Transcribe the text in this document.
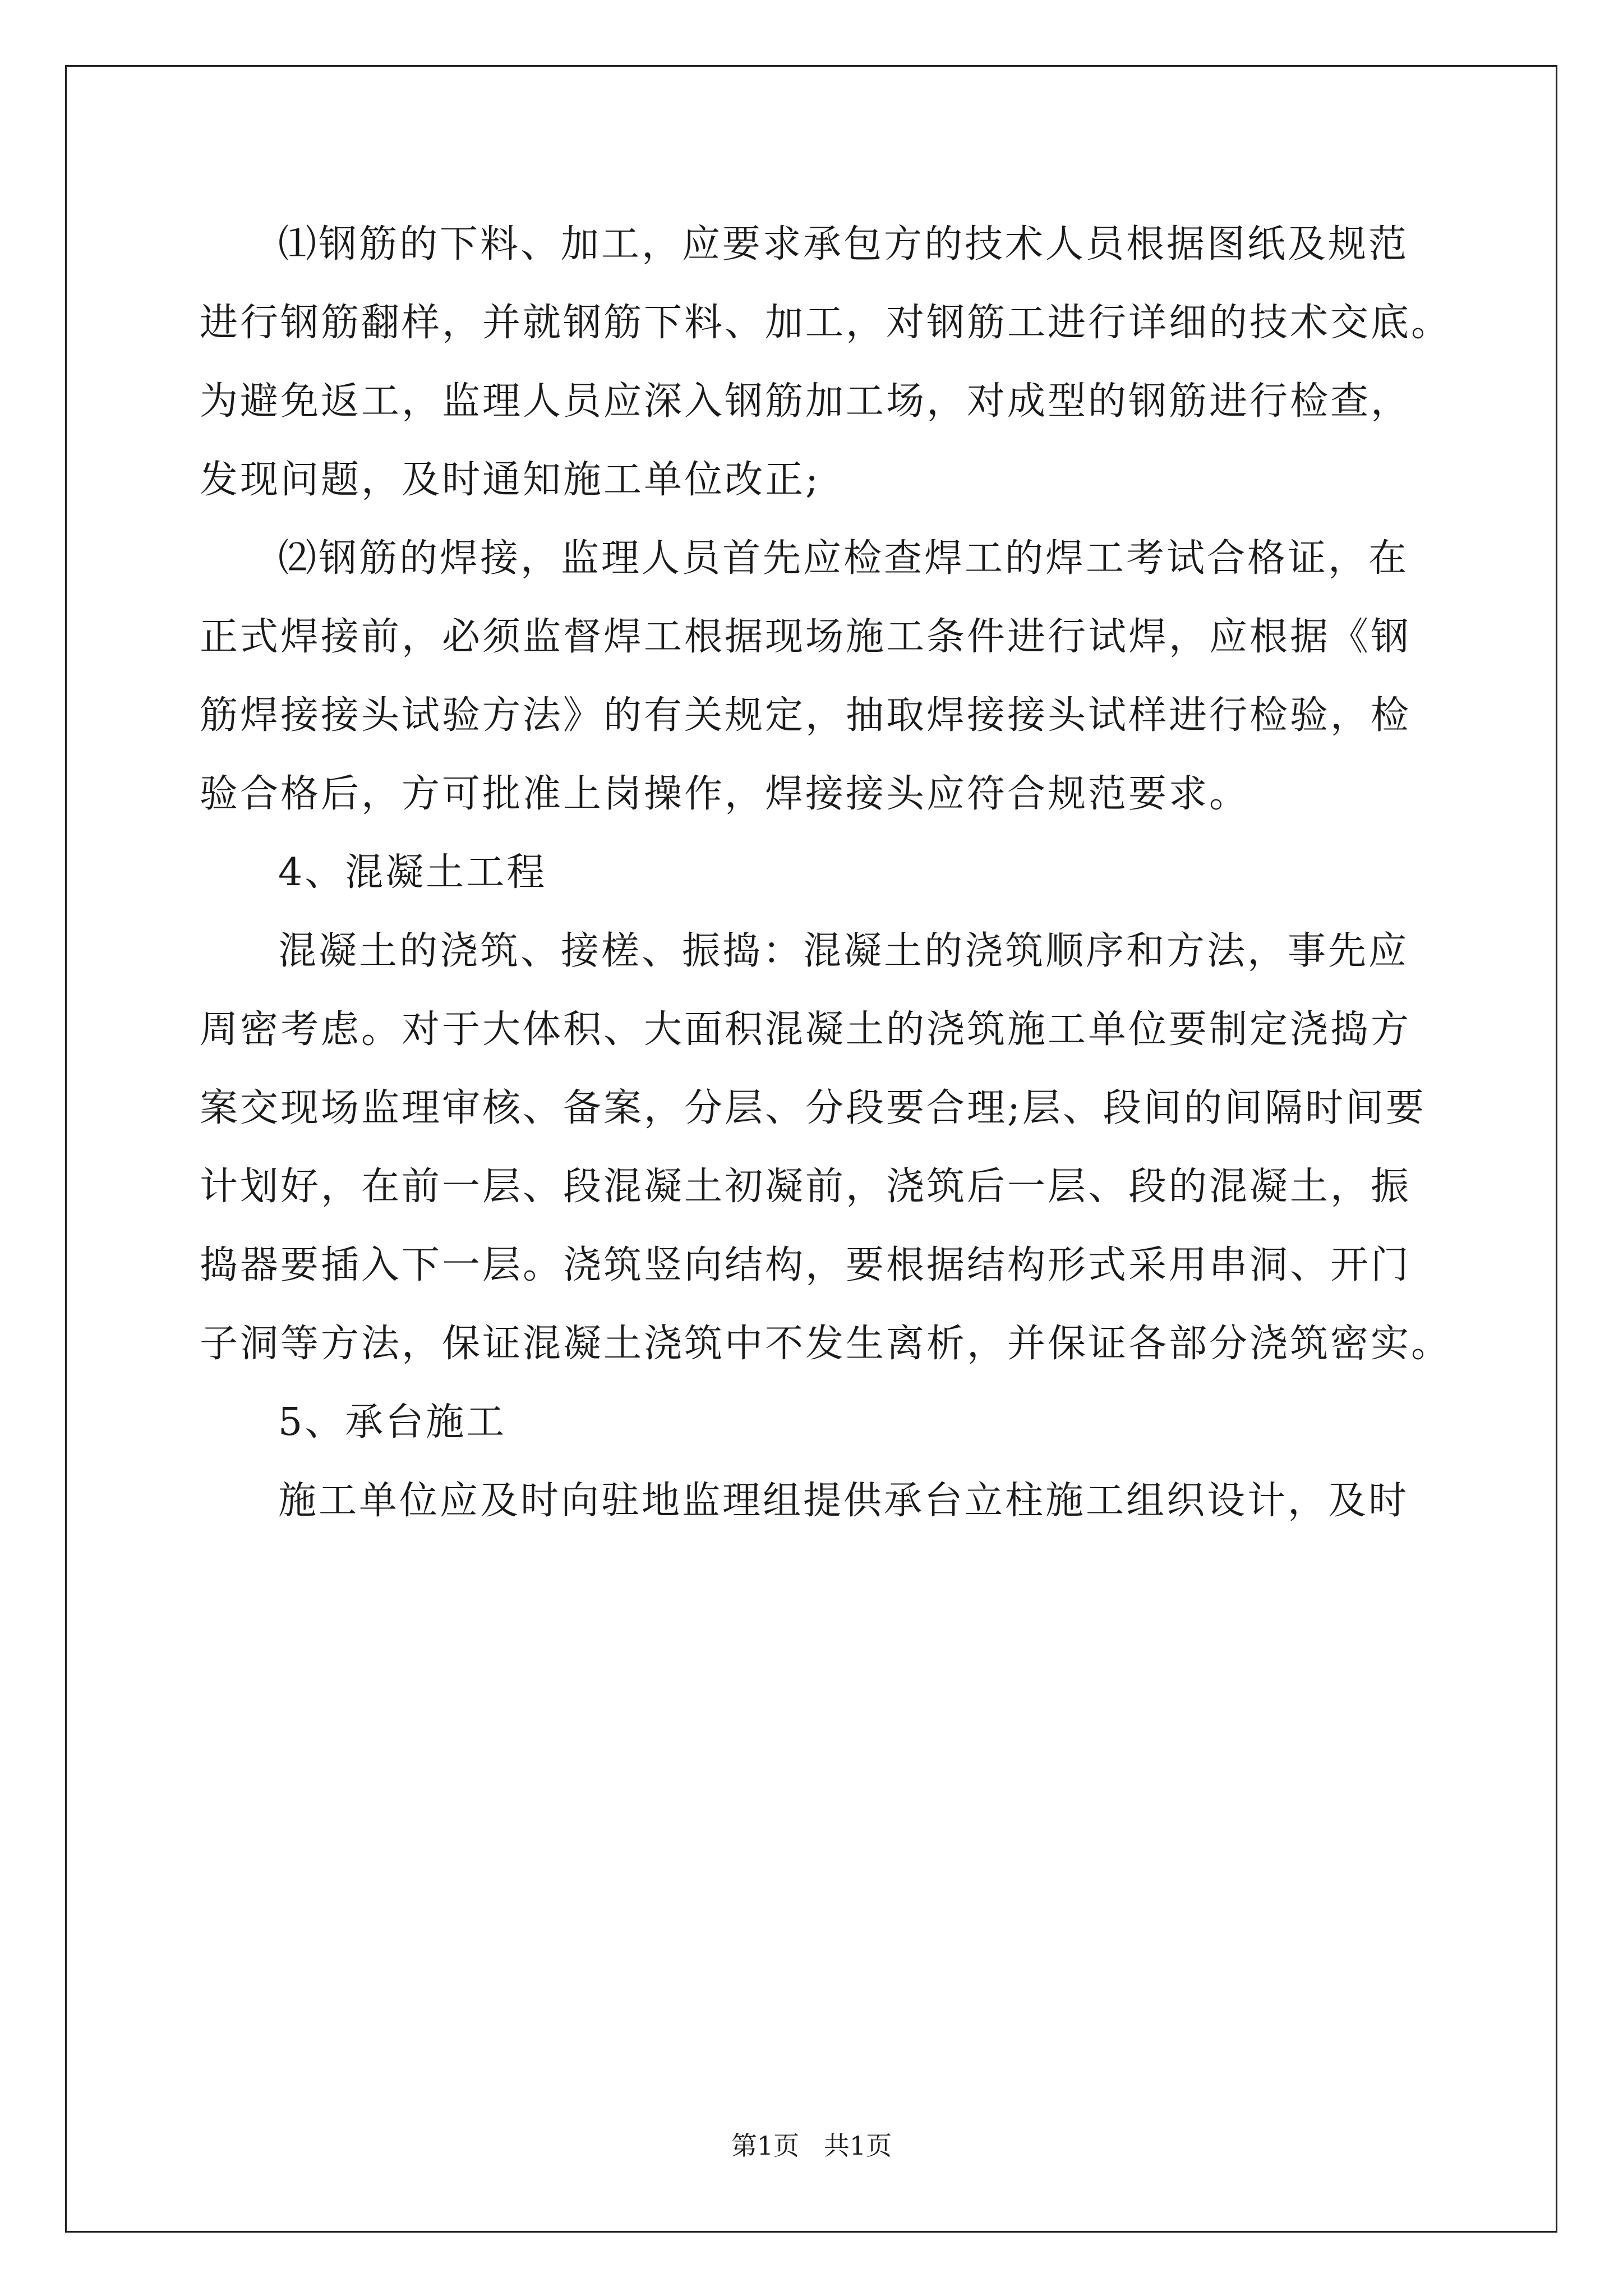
⑴钢筋的下料、加工，应要求承包方的技术人员根据图纸及规范
进行钢筋翻样，并就钢筋下料、加工，对钢筋工进行详细的技术交底。
为避免返工，监理人员应深入钢筋加工场，对成型的钢筋进行检查，
发现问题，及时通知施工单位改正;
⑵钢筋的焊接，监理人员首先应检查焊工的焊工考试合格证，在
正式焊接前，必须监督焊工根据现场施工条件进行试焊，应根据《钢
筋焊接接头试验方法》的有关规定，抽取焊接接头试样进行检验，检
验合格后，方可批准上岗操作，焊接接头应符合规范要求。
4、混凝土工程
混凝土的浇筑、接槎、振捣：混凝土的浇筑顺序和方法，事先应
周密考虑。对于大体积、大面积混凝土的浇筑施工单位要制定浇捣方
案交现场监理审核、备案，分层、分段要合理;层、段间的间隔时间要
计划好，在前一层、段混凝土初凝前，浇筑后一层、段的混凝土，振
捣器要插入下一层。浇筑竖向结构，要根据结构形式采用串洞、开门
子洞等方法，保证混凝土浇筑中不发生离析，并保证各部分浇筑密实。
5、承台施工
施工单位应及时向驻地监理组提供承台立柱施工组织设计，及时
第1页   共1页
